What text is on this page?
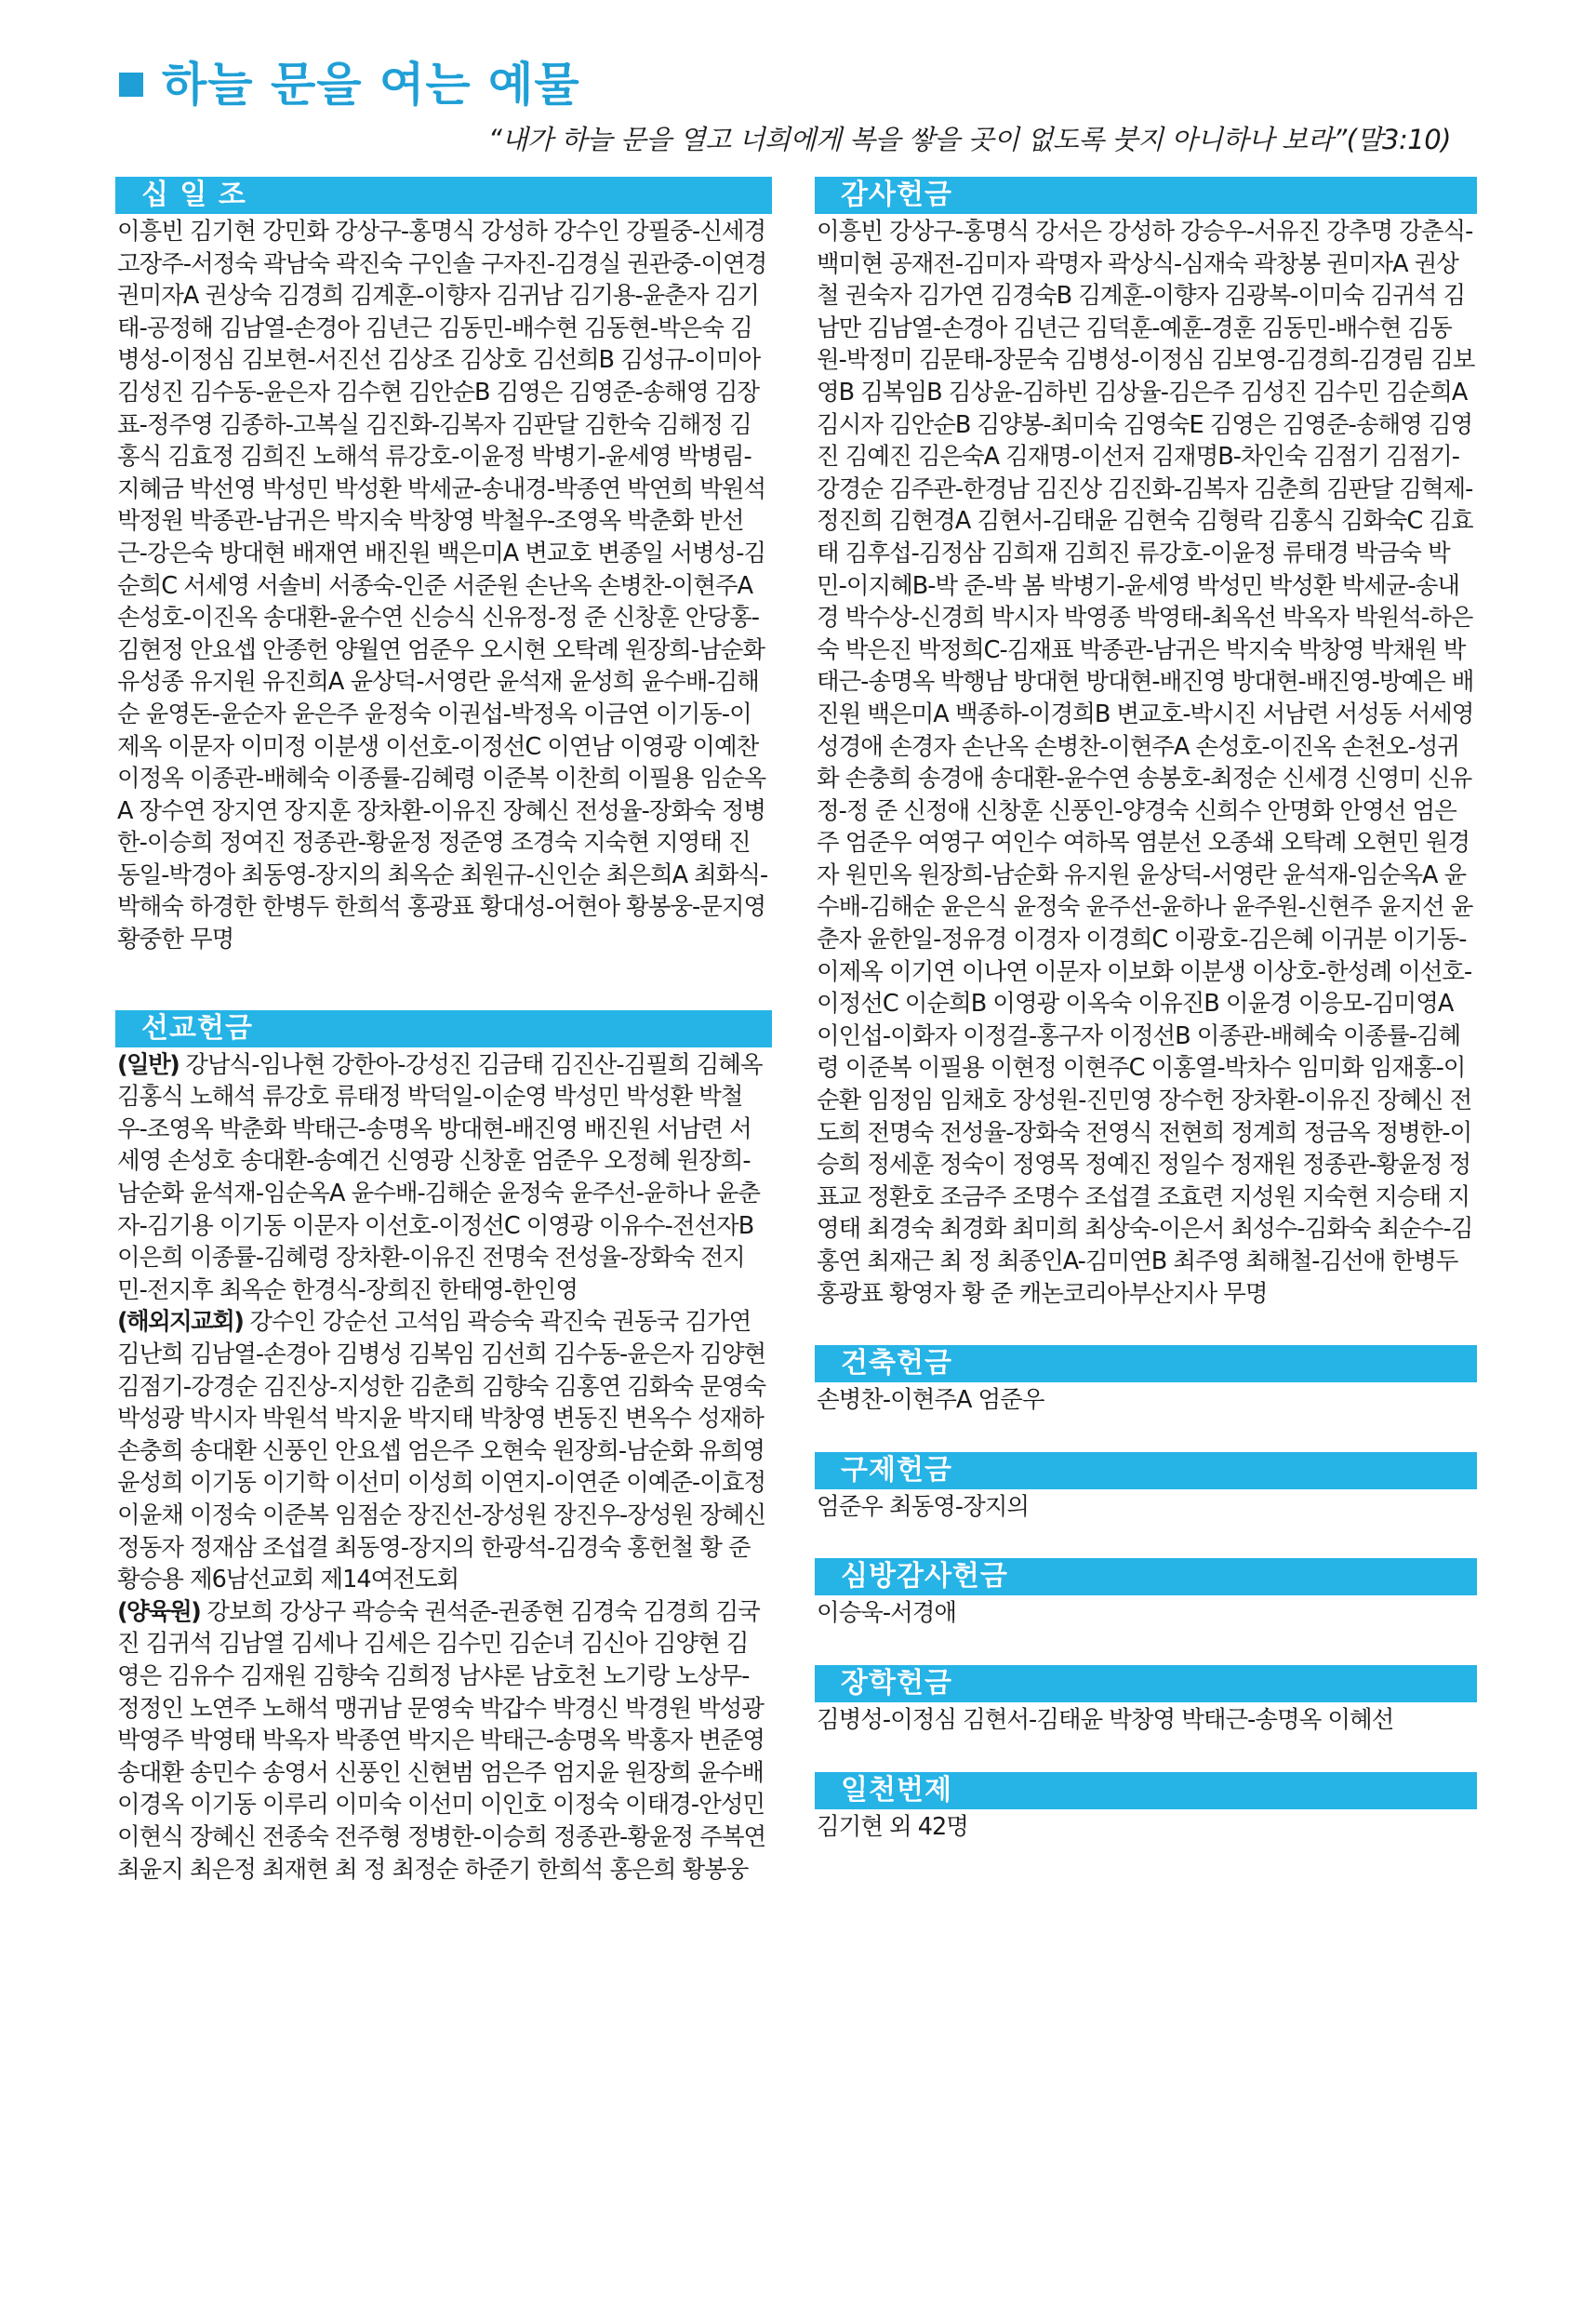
하늘 문을 여는 예물
“내가 하늘 문을 열고 너희에게 복을 쌓을 곳이 없도록 붓지 아니하나 보라”(말3:10)
십 일 조

이흥빈 김기현 강민화 강상구-홍명식 강성하 강수인 강필중-신세경 고장주-서정숙 곽남숙 곽진숙 구인솔 구자진-김경실 권관중-이연경 권미자A 권상숙 김경희 김계훈-이향자 김귀남 김기용-윤춘자 김기태-공정해 김남열-손경아 김년근 김동민-배수현 김동현-박은숙 김병성-이정심 김보현-서진선 김상조 김상호 김선희B 김성규-이미아 김성진 김수동-윤은자 김수현 김안순B 김영은 김영준-송해영 김장표-정주영 김종하-고복실 김진화-김복자 김판달 김한숙 김해정 김홍식 김효정 김희진 노해석 류강호-이윤정 박병기-윤세영 박병림-지혜금 박선영 박성민 박성환 박세균-송내경-박종연 박연희 박원석 박정원 박종관-남귀은 박지숙 박창영 박철우-조영옥 박춘화 반선근-강은숙 방대현 배재연 배진원 백은미A 변교호 변종일 서병성-김순희C 서세영 서솔비 서종숙-인준 서준원 손난옥 손병찬-이현주A 손성호-이진옥 송대환-윤수연 신승식 신유정-정 준 신창훈 안당홍-김현정 안요셉 안종헌 양월연 엄준우 오시현 오탁례 원장희-남순화 유성종 유지원 유진희A 윤상덕-서영란 윤석재 윤성희 윤수배-김해순 윤영돈-윤순자 윤은주 윤정숙 이권섭-박정옥 이금연 이기동-이제옥 이문자 이미정 이분생 이선호-이정선C 이연남 이영광 이예찬 이정옥 이종관-배혜숙 이종률-김혜령 이준복 이찬희 이필용 임순옥A 장수연 장지연 장지훈 장차환-이유진 장혜신 전성율-장화숙 정병한-이승희 정여진 정종관-황윤정 정준영 조경숙 지숙현 지영태 진동일-박경아 최동영-장지의 최옥순 최원규-신인순 최은희A 최화식-박해숙 하경한 한병두 한희석 홍광표 황대성-어현아 황봉웅-문지영 황중한 무명

선교헌금

(일반) 강남식-임나현 강한아-강성진 김금태 김진산-김필희 김혜옥 김홍식 노해석 류강호 류태정 박덕일-이순영 박성민 박성환 박철우-조영옥 박춘화 박태근-송명옥 방대현-배진영 배진원 서남련 서세영 손성호 송대환-송예건 신영광 신창훈 엄준우 오정혜 원장희-남순화 윤석재-임순옥A 윤수배-김해순 윤정숙 윤주선-윤하나 윤춘자-김기용 이기동 이문자 이선호-이정선C 이영광 이유수-전선자B 이은희 이종률-김혜령 장차환-이유진 전명숙 전성율-장화숙 전지민-전지후 최옥순 한경식-장희진 한태영-한인영

(해외지교회) 강수인 강순선 고석임 곽승숙 곽진숙 권동국 김가연 김난희 김남열-손경아 김병성 김복임 김선희 김수동-윤은자 김양현 김점기-강경순 김진상-지성한 김춘희 김향숙 김홍연 김화숙 문영숙 박성광 박시자 박원석 박지윤 박지태 박창영 변동진 변옥수 성재하 손충희 송대환 신풍인 안요셉 엄은주 오현숙 원장희-남순화 유희영 윤성희 이기동 이기학 이선미 이성희 이연지-이연준 이예준-이효정 이윤채 이정숙 이준복 임점순 장진선-장성원 장진우-장성원 장혜신 정동자 정재삼 조섭결 최동영-장지의 한광석-김경숙 홍헌철 황 준 황승용 제6남선교회 제14여전도회

(양육원) 강보희 강상구 곽승숙 권석준-권종현 김경숙 김경희 김국진 김귀석 김남열 김세나 김세은 김수민 김순녀 김신아 김양현 김영은 김유수 김재원 김향숙 김희정 남샤론 남호천 노기랑 노상무-정정인 노연주 노해석 맹귀남 문영숙 박갑수 박경신 박경원 박성광 박영주 박영태 박옥자 박종연 박지은 박태근-송명옥 박홍자 변준영 송대환 송민수 송영서 신풍인 신현범 엄은주 엄지윤 원장희 윤수배 이경옥 이기동 이루리 이미숙 이선미 이인호 이정숙 이태경-안성민 이현식 장혜신 전종숙 전주형 정병한-이승희 정종관-황윤정 주복연 최윤지 최은정 최재현 최 정 최정순 하준기 한희석 홍은희 황봉웅

감사헌금

이흥빈 강상구-홍명식 강서은 강성하 강승우-서유진 강추명 강춘식-백미현 공재전-김미자 곽명자 곽상식-심재숙 곽창봉 권미자A 권상철 권숙자 김가연 김경숙B 김계훈-이향자 김광복-이미숙 김귀석 김남만 김남열-손경아 김년근 김덕훈-예훈-경훈 김동민-배수현 김동원-박정미 김문태-장문숙 김병성-이정심 김보영-김경희-김경림 김보영B 김복임B 김상윤-김하빈 김상율-김은주 김성진 김수민 김순희A 김시자 김안순B 김양봉-최미숙 김영숙E 김영은 김영준-송해영 김영진 김예진 김은숙A 김재명-이선저 김재명B-차인숙 김점기 김점기-강경순 김주관-한경남 김진상 김진화-김복자 김춘희 김판달 김혁제-정진희 김현경A 김현서-김태윤 김현숙 김형락 김홍식 김화숙C 김효태 김후섭-김정삼 김희재 김희진 류강호-이윤정 류태경 박금숙 박 민-이지혜B-박 준-박 봄 박병기-윤세영 박성민 박성환 박세균-송내경 박수상-신경희 박시자 박영종 박영태-최옥선 박옥자 박원석-하은숙 박은진 박정희C-김재표 박종관-남귀은 박지숙 박창영 박채원 박태근-송명옥 박행남 방대현 방대현-배진영 방대현-배진영-방예은 배진원 백은미A 백종하-이경희B 변교호-박시진 서남련 서성동 서세영 성경애 손경자 손난옥 손병찬-이현주A 손성호-이진옥 손천오-성귀화 손충희 송경애 송대환-윤수연 송봉호-최정순 신세경 신영미 신유정-정 준 신정애 신창훈 신풍인-양경숙 신희수 안명화 안영선 엄은주 엄준우 여영구 여인수 여하목 염분선 오종쇄 오탁례 오현민 원경자 원민옥 원장희-남순화 유지원 윤상덕-서영란 윤석재-임순옥A 윤수배-김해순 윤은식 윤정숙 윤주선-윤하나 윤주원-신현주 윤지선 윤춘자 윤한일-정유경 이경자 이경희C 이광호-김은혜 이귀분 이기동-이제옥 이기연 이나연 이문자 이보화 이분생 이상호-한성례 이선호-이정선C 이순희B 이영광 이옥숙 이유진B 이윤경 이응모-김미영A 이인섭-이화자 이정걸-홍구자 이정선B 이종관-배혜숙 이종률-김혜령 이준복 이필용 이현정 이현주C 이홍열-박차수 임미화 임재홍-이순환 임정임 임채호 장성원-진민영 장수헌 장차환-이유진 장혜신 전도희 전명숙 전성율-장화숙 전영식 전현희 정계희 정금옥 정병한-이승희 정세훈 정숙이 정영목 정예진 정일수 정재원 정종관-황윤정 정표교 정환호 조금주 조명수 조섭결 조효련 지성원 지숙현 지승태 지영태 최경숙 최경화 최미희 최상숙-이은서 최성수-김화숙 최순수-김홍연 최재근 최 정 최종인A-김미연B 최주영 최해철-김선애 한병두 홍광표 황영자 황 준 캐논코리아부산지사 무명

건축헌금

손병찬-이현주A 엄준우

구제헌금

엄준우 최동영-장지의

심방감사헌금

이승욱-서경애

장학헌금

김병성-이정심 김현서-김태윤 박창영 박태근-송명옥 이혜선

일천번제

김기현 외 42명
